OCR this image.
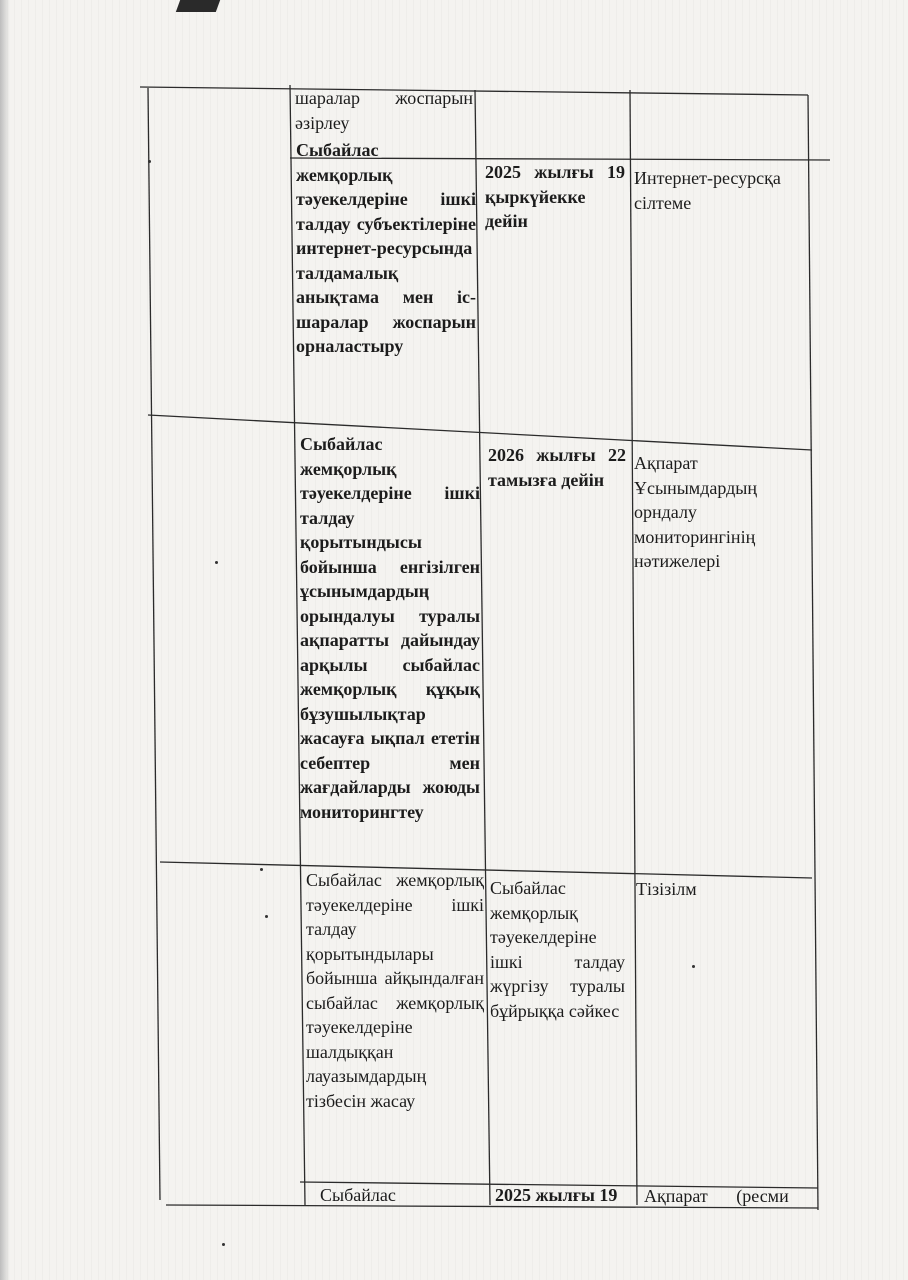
шаралар жоспарын әзірлеу
Сыбайлас жемқорлық тәуекелдеріне ішкі талдау субъектілеріне интернет-ресурсында талдамалық анықтама мен іс-шаралар жоспарын орналастыру
2025 жылғы 19 қыркүйекке дейін
Интернет-ресурсқа сілтеме
Сыбайлас жемқорлық тәуекелдеріне ішкі талдау қорытындысы бойынша енгізілген ұсынымдардың орындалуы туралы ақпаратты дайындау арқылы сыбайлас жемқорлық құқық бұзушылықтар жасауға ықпал ететін себептер мен жағдайларды жоюды мониторингтеу
2026 жылғы 22 тамызға дейін
Ақпарат Ұсынымдардың орндалу мониторингінің нәтижелері
Сыбайлас жемқорлық тәуекелдеріне ішкі талдау қорытындылары бойынша айқындалған сыбайлас жемқорлық тәуекелдеріне шалдыққан лауазымдардың тізбесін жасау
Сыбайлас жемқорлық тәуекелдеріне ішкі талдау жүргізу туралы бұйрыққа сәйкес
Тізізілм
Сыбайлас	2025 жылғы 19	Ақпарат (ресми
